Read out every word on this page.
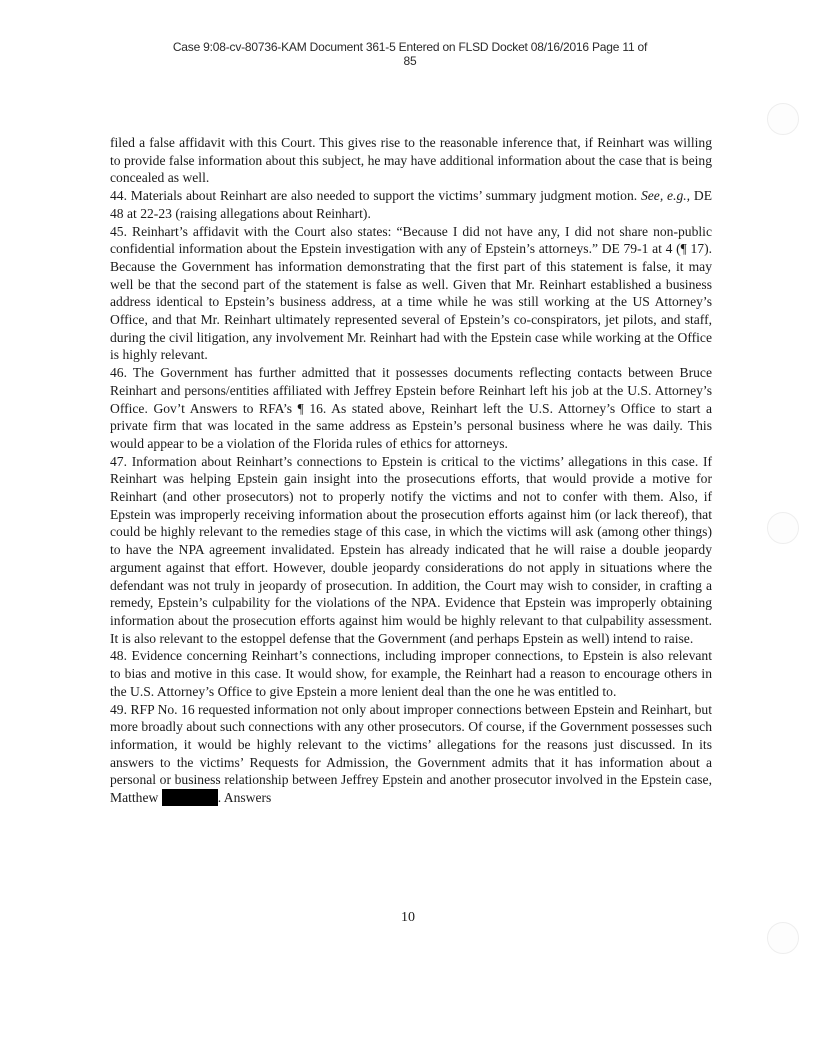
Case 9:08-cv-80736-KAM Document 361-5 Entered on FLSD Docket 08/16/2016 Page 11 of
85

filed a false affidavit with this Court. This gives rise to the reasonable inference that, if Reinhart was willing to provide false information about this subject, he may have additional information about the case that is being concealed as well.

44. Materials about Reinhart are also needed to support the victims’ summary judgment motion. See, e.g., DE 48 at 22-23 (raising allegations about Reinhart).

45. Reinhart’s affidavit with the Court also states: “Because I did not have any, I did not share non-public confidential information about the Epstein investigation with any of Epstein’s attorneys.” DE 79-1 at 4 (¶ 17). Because the Government has information demonstrating that the first part of this statement is false, it may well be that the second part of the statement is false as well. Given that Mr. Reinhart established a business address identical to Epstein’s business address, at a time while he was still working at the US Attorney’s Office, and that Mr. Reinhart ultimately represented several of Epstein’s co-conspirators, jet pilots, and staff, during the civil litigation, any involvement Mr. Reinhart had with the Epstein case while working at the Office is highly relevant.

46. The Government has further admitted that it possesses documents reflecting contacts between Bruce Reinhart and persons/entities affiliated with Jeffrey Epstein before Reinhart left his job at the U.S. Attorney’s Office. Gov’t Answers to RFA’s ¶ 16. As stated above, Reinhart left the U.S. Attorney’s Office to start a private firm that was located in the same address as Epstein’s personal business where he was daily. This would appear to be a violation of the Florida rules of ethics for attorneys.

47. Information about Reinhart’s connections to Epstein is critical to the victims’ allegations in this case. If Reinhart was helping Epstein gain insight into the prosecutions efforts, that would provide a motive for Reinhart (and other prosecutors) not to properly notify the victims and not to confer with them. Also, if Epstein was improperly receiving information about the prosecution efforts against him (or lack thereof), that could be highly relevant to the remedies stage of this case, in which the victims will ask (among other things) to have the NPA agreement invalidated. Epstein has already indicated that he will raise a double jeopardy argument against that effort. However, double jeopardy considerations do not apply in situations where the defendant was not truly in jeopardy of prosecution. In addition, the Court may wish to consider, in crafting a remedy, Epstein’s culpability for the violations of the NPA. Evidence that Epstein was improperly obtaining information about the prosecution efforts against him would be highly relevant to that culpability assessment. It is also relevant to the estoppel defense that the Government (and perhaps Epstein as well) intend to raise.

48. Evidence concerning Reinhart’s connections, including improper connections, to Epstein is also relevant to bias and motive in this case. It would show, for example, the Reinhart had a reason to encourage others in the U.S. Attorney’s Office to give Epstein a more lenient deal than the one he was entitled to.

49. RFP No. 16 requested information not only about improper connections between Epstein and Reinhart, but more broadly about such connections with any other prosecutors. Of course, if the Government possesses such information, it would be highly relevant to the victims’ allegations for the reasons just discussed. In its answers to the victims’ Requests for Admission, the Government admits that it has information about a personal or business relationship between Jeffrey Epstein and another prosecutor involved in the Epstein case, Matthew	. Answers

10
